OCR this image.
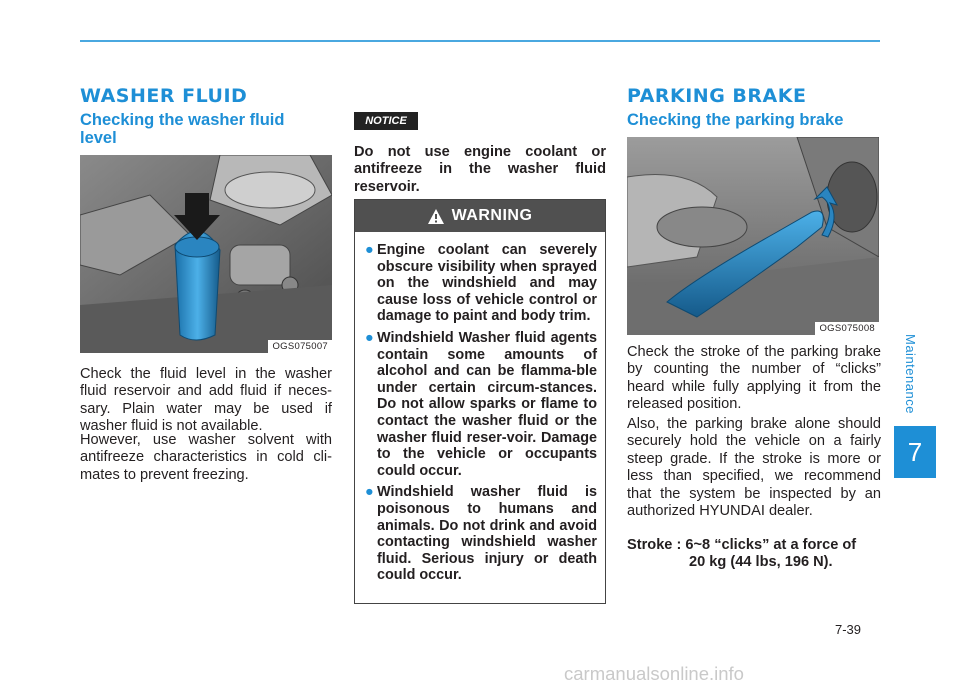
WASHER FLUID
Checking the washer fluid level
OGS075007

Check the fluid level in the washer fluid reservoir and add fluid if neces-sary. Plain water may be used if washer fluid is not available.

However, use washer solvent with antifreeze characteristics in cold cli-mates to prevent freezing.

NOTICE

Do not use engine coolant or antifreeze in the washer fluid reservoir.

WARNING
● Engine coolant can severely obscure visibility when sprayed on the windshield and may cause loss of vehicle control or damage to paint and body trim.
● Windshield Washer fluid agents contain some amounts of alcohol and can be flamma-ble under certain circum-stances. Do not allow sparks or flame to contact the washer fluid or the washer fluid reser-voir. Damage to the vehicle or occupants could occur.
● Windshield washer fluid is poisonous to humans and animals. Do not drink and avoid contacting windshield washer fluid. Serious injury or death could occur.
PARKING BRAKE
Checking the parking brake
OGS075008

Check the stroke of the parking brake by counting the number of “clicks” heard while fully applying it from the released position.

Also, the parking brake alone should securely hold the vehicle on a fairly steep grade. If the stroke is more or less than specified, we recommend that the system be inspected by an authorized HYUNDAI dealer.

Stroke : 6~8 “clicks” at a force of
20 kg (44 lbs, 196 N).
Maintenance
7
7-39
carmanualsonline.info
